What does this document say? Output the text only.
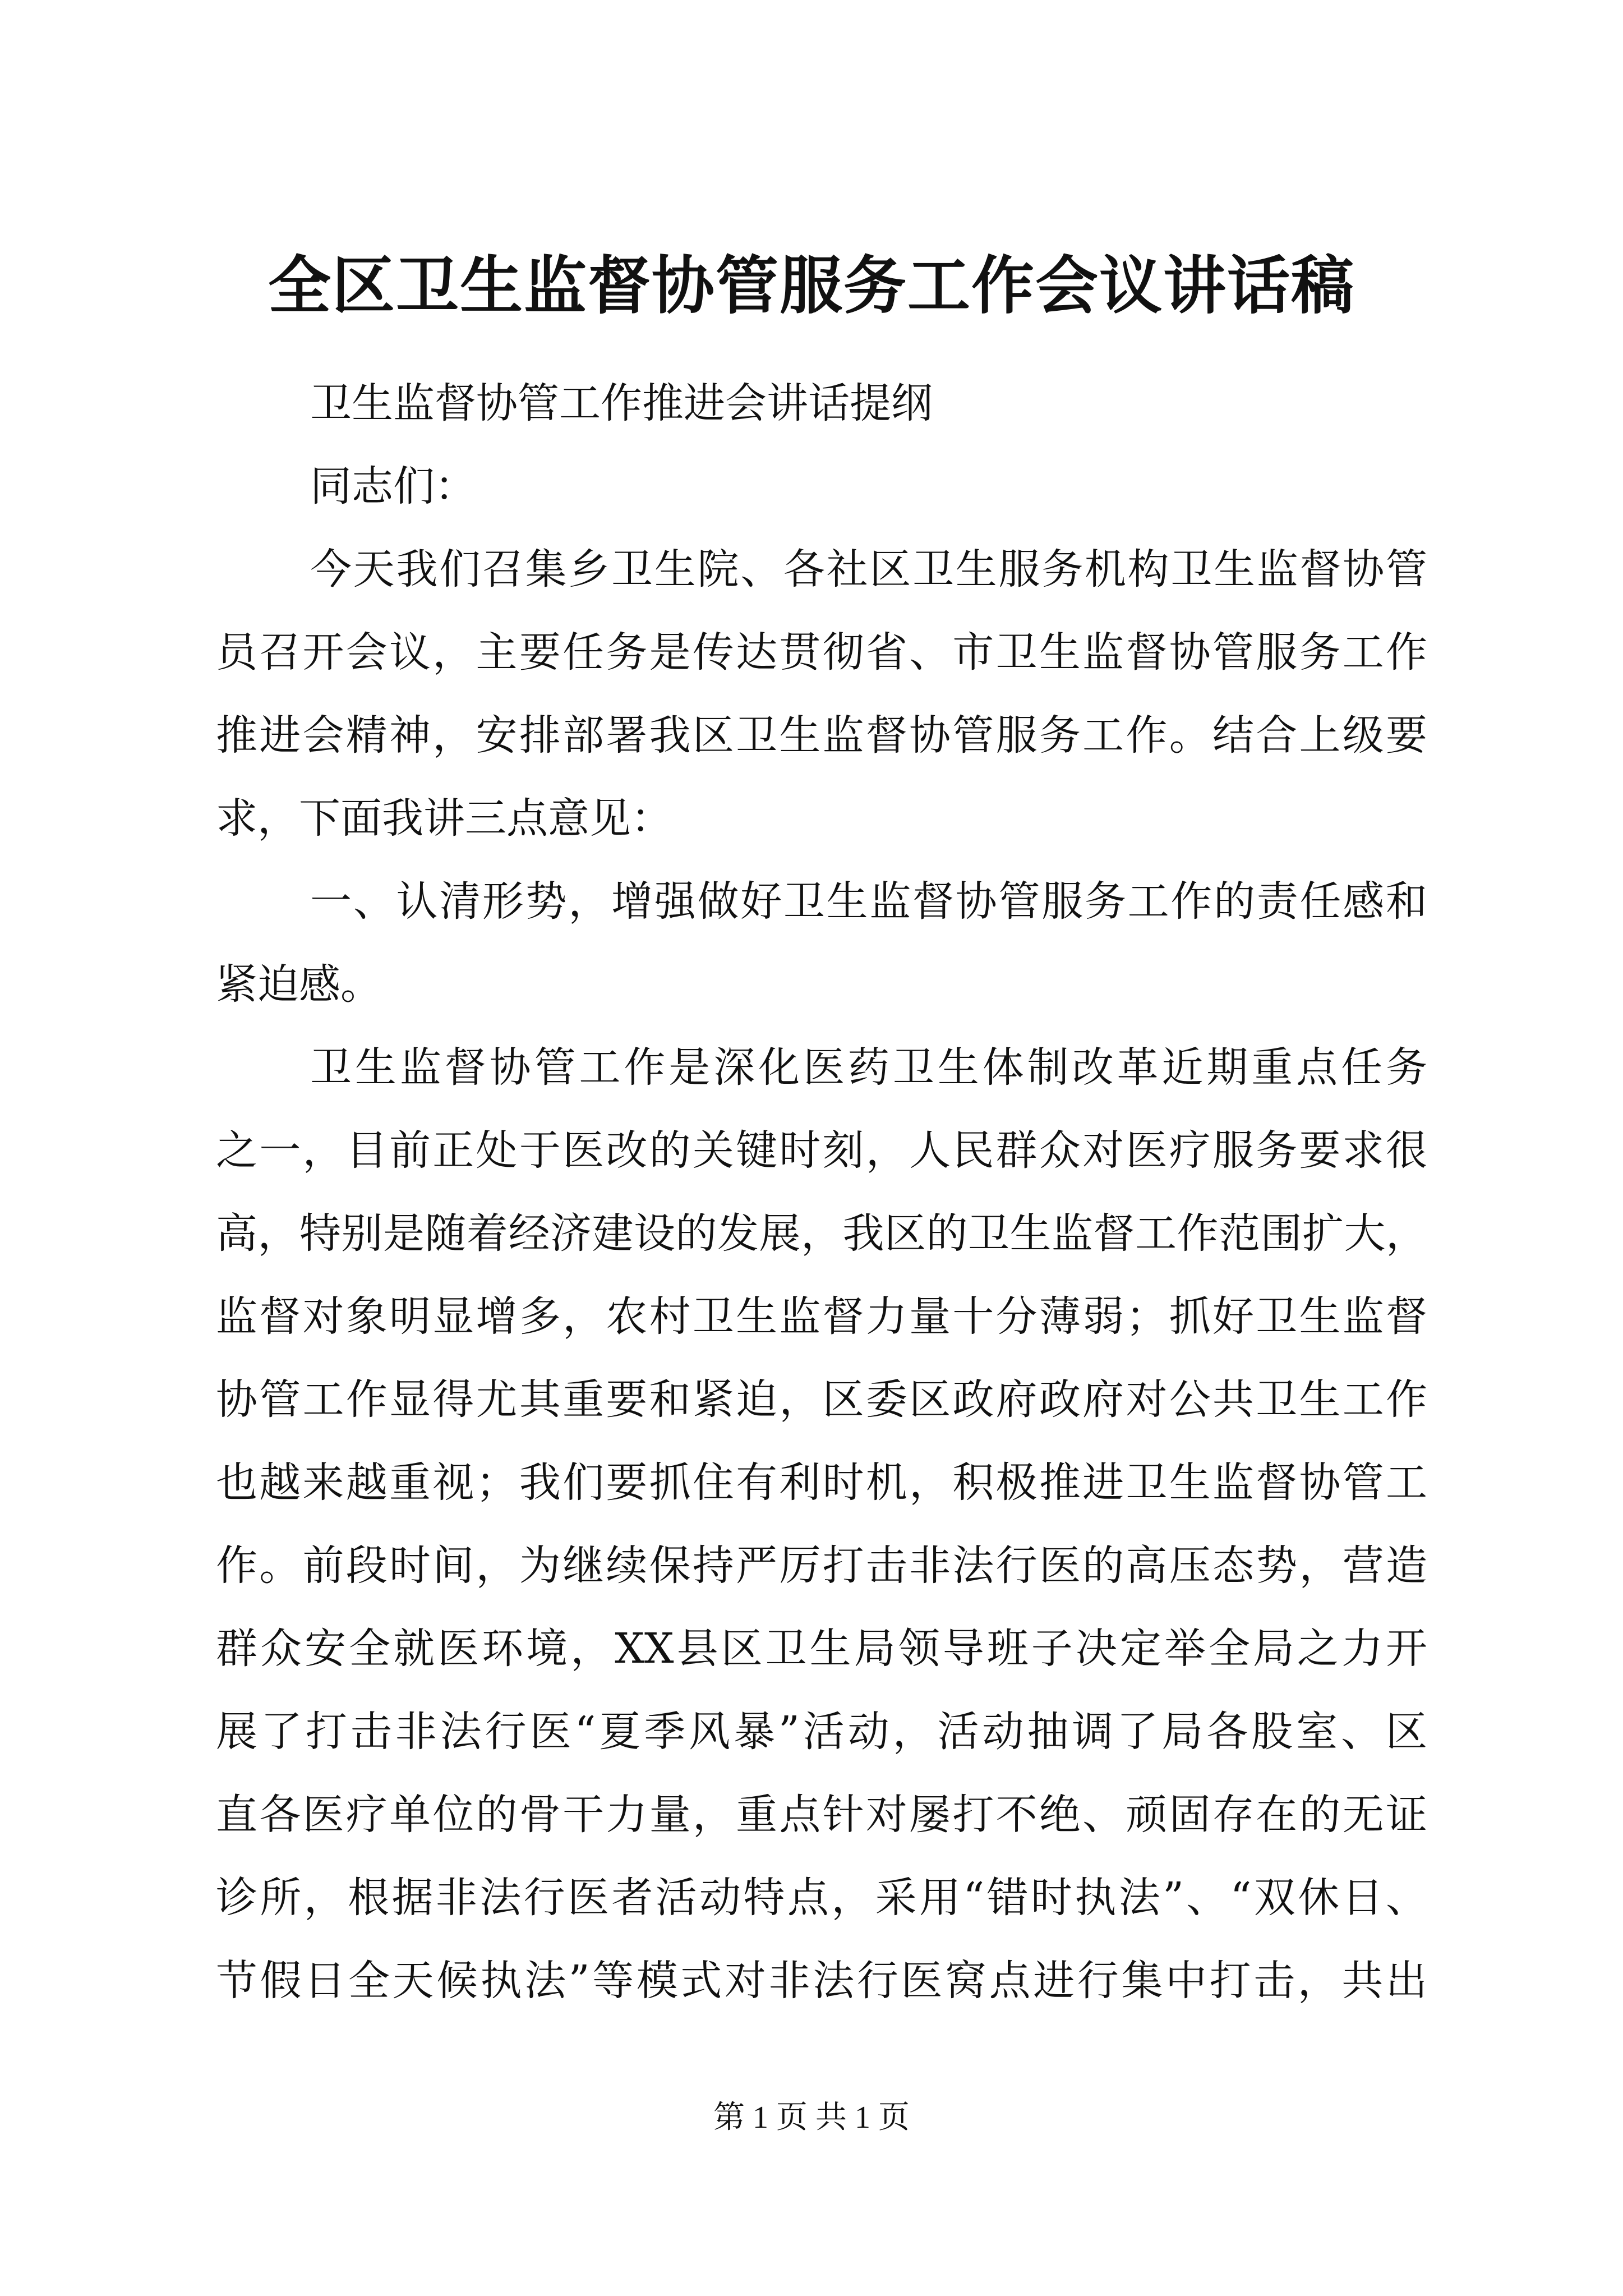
全区卫生监督协管服务工作会议讲话稿
卫生监督协管工作推进会讲话提纲
同志们：
今天我们召集乡卫生院、各社区卫生服务机构卫生监督协管
员召开会议，主要任务是传达贯彻省、市卫生监督协管服务工作
推进会精神，安排部署我区卫生监督协管服务工作。结合上级要
求，下面我讲三点意见：
一、认清形势，增强做好卫生监督协管服务工作的责任感和
紧迫感。
卫生监督协管工作是深化医药卫生体制改革近期重点任务
之一，目前正处于医改的关键时刻，人民群众对医疗服务要求很
高，特别是随着经济建设的发展，我区的卫生监督工作范围扩大，
监督对象明显增多，农村卫生监督力量十分薄弱；抓好卫生监督
协管工作显得尤其重要和紧迫，区委区政府政府对公共卫生工作
也越来越重视；我们要抓住有利时机，积极推进卫生监督协管工
作。前段时间，为继续保持严厉打击非法行医的高压态势，营造
群众安全就医环境，XX县区卫生局领导班子决定举全局之力开
展了打击非法行医“夏季风暴”活动，活动抽调了局各股室、区
直各医疗单位的骨干力量，重点针对屡打不绝、顽固存在的无证
诊所，根据非法行医者活动特点，采用“错时执法”、“双休日、
节假日全天候执法”等模式对非法行医窝点进行集中打击，共出
第 1 页 共 1 页
